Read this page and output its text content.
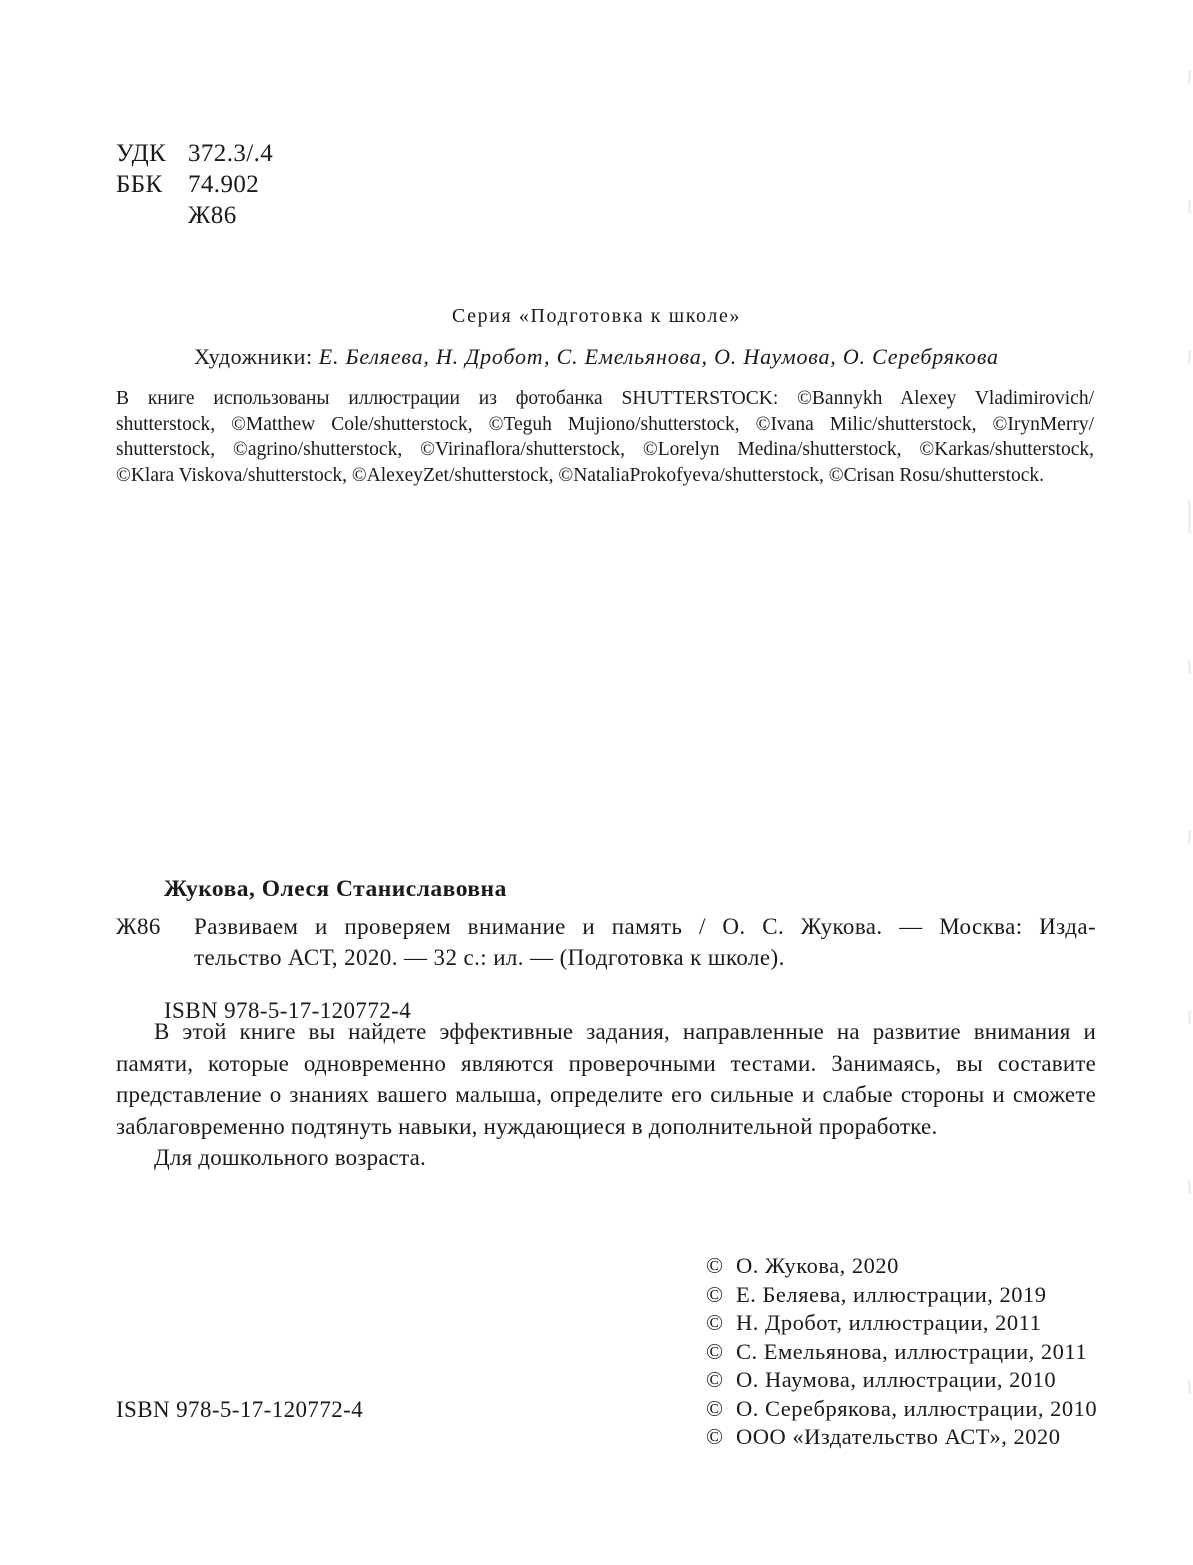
УДК 372.3/.4
ББК 74.902
Ж86
Серия «Подготовка к школе»
Художники: Е. Беляева, Н. Дробот, С. Емельянова, О. Наумова, О. Серебрякова
В книге использованы иллюстрации из фотобанка SHUTTERSTOCK: ©Bannykh Alexey Vladimirovich/
shutterstock, ©Matthew Cole/shutterstock, ©Teguh Mujiono/shutterstock, ©Ivana Milic/shutterstock, ©IrynMerry/
shutterstock, ©agrino/shutterstock, ©Virinaflora/shutterstock, ©Lorelyn Medina/shutterstock, ©Karkas/shutterstock,
©Klara Viskova/shutterstock, ©AlexeyZet/shutterstock, ©NataliaProkofyeva/shutterstock, ©Crisan Rosu/shutterstock.
Жукова, Олеся Станиславовна
Ж86 Развиваем и проверяем внимание и память / О. С. Жукова. — Москва: Изда-
тельство АСТ, 2020. — 32 с.: ил. — (Подготовка к школе).
ISBN 978-5-17-120772-4

В этой книге вы найдете эффективные задания, направленные на развитие внимания и памяти, которые одновременно являются проверочными тестами. Занимаясь, вы составите представление о знаниях вашего малыша, определите его сильные и слабые стороны и сможете заблаговременно подтянуть навыки, нуждающиеся в дополнительной проработке.

Для дошкольного возраста.

© О. Жукова, 2020
© Е. Беляева, иллюстрации, 2019
© Н. Дробот, иллюстрации, 2011
© С. Емельянова, иллюстрации, 2011
© О. Наумова, иллюстрации, 2010
© О. Серебрякова, иллюстрации, 2010
© ООО «Издательство АСТ», 2020
ISBN 978-5-17-120772-4
